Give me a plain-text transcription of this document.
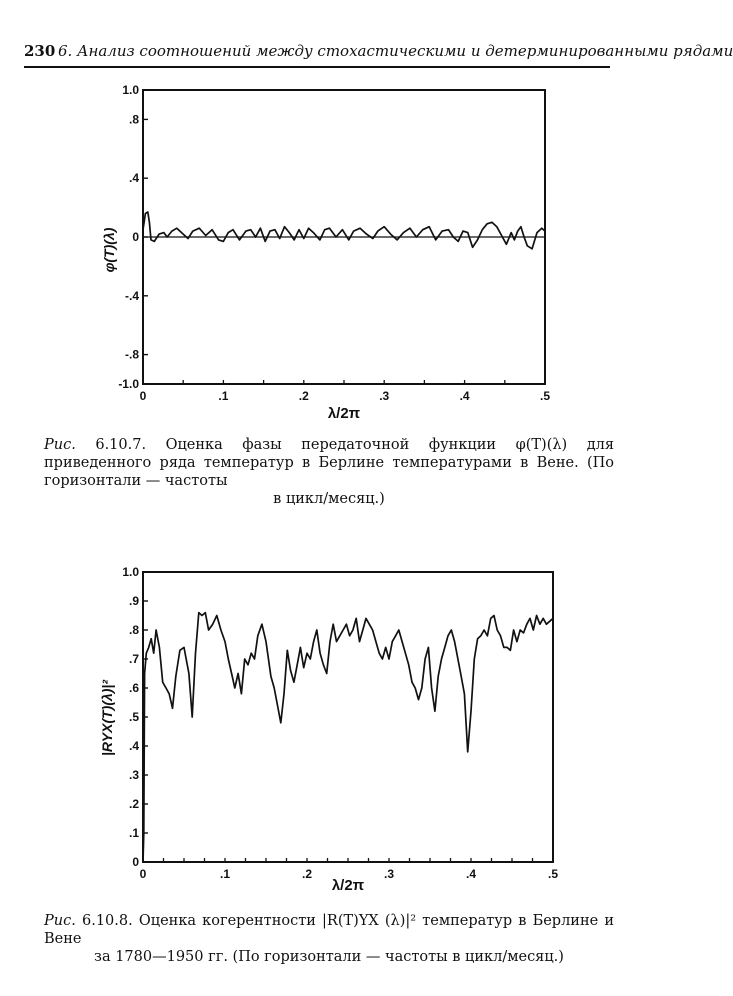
230 6. Анализ соотношений между стохастическими и детерминированными рядами
1.0
.8
.4
0
-.4
-.8
-1.0
0	.1	.2	.3	.4	.5
φ(T)(λ)
λ/2π
Рис. 6.10.7. Оценка фазы передаточной функции φ(T)(λ) для приведенного ряда температур в Берлине температурами в Вене. (По горизонтали — частоты
в цикл/месяц.)
1.0
.9
.8
.7
.6
.5
.4
.3
.2
.1
0
0	.1	.2	.3	.4	.5
|RYX(T)(λ)|²
λ/2π
Рис. 6.10.8. Оценка когерентности |R(T)YX (λ)|² температур в Берлине и Вене
за 1780—1950 гг. (По горизонтали — частоты в цикл/месяц.)
